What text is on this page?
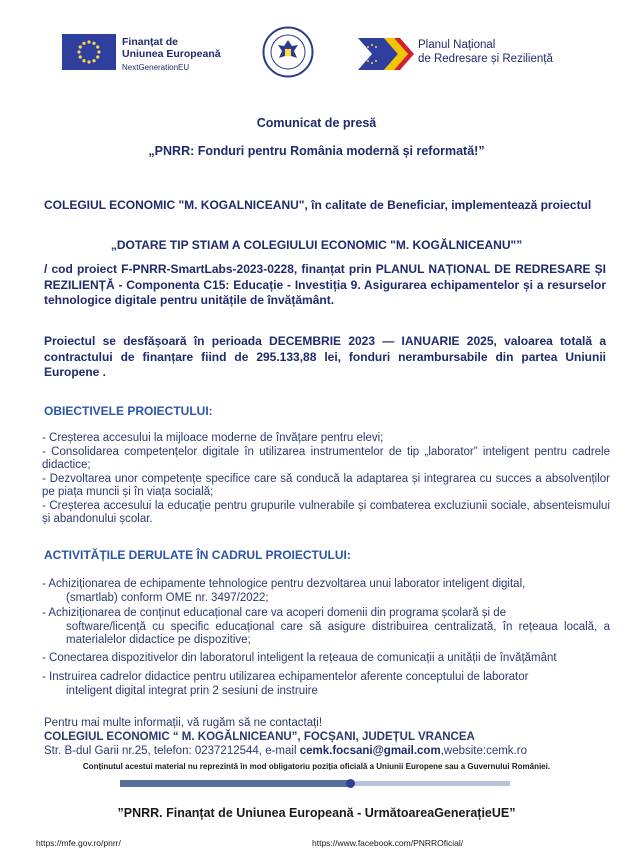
Finanțat de
Uniunea Europeană
NextGenerationEU
Planul Național
de Redresare și Reziliență
Comunicat de presă
„PNRR: Fonduri pentru România modernă și reformată!”
COLEGIUL ECONOMIC "M. KOGALNICEANU", în calitate de Beneficiar, implementează proiectul
„DOTARE TIP STIAM A COLEGIULUI ECONOMIC "M. KOGĂLNICEANU"”
/ cod proiect F-PNRR-SmartLabs-2023-0228, finanțat prin PLANUL NAȚIONAL DE REDRESARE ȘI REZILIENȚĂ - Componenta C15: Educație - Investiția 9. Asigurarea echipamentelor și a resurselor tehnologice digitale pentru unitățile de învățământ.
Proiectul se desfășoară în perioada DECEMBRIE 2023 — IANUARIE 2025, valoarea totală a contractului de finanțare fiind de 295.133,88 lei, fonduri nerambursabile din partea Uniunii Europene .
OBIECTIVELE PROIECTULUI:
- Creșterea accesului la mijloace moderne de învățare pentru elevi;
- Consolidarea competențelor digitale în utilizarea instrumentelor de tip „laborator” inteligent pentru cadrele didactice;
- Dezvoltarea unor competențe specifice care să conducă la adaptarea și integrarea cu succes a absolvenților pe piața muncii și în viața socială;
- Creșterea accesului la educație pentru grupurile vulnerabile și combaterea excluziunii sociale, absenteismului și abandonului școlar.
ACTIVITĂȚILE DERULATE ÎN CADRUL PROIECTULUI:
- Achiziționarea de echipamente tehnologice pentru dezvoltarea unui laborator inteligent digital,
(smartlab) conform OME nr. 3497/2022;
- Achiziționarea de conținut educațional care va acoperi domenii din programa școlară și de
software/licență cu specific educațional care să asigure distribuirea centralizată, în rețeaua locală, a materialelor didactice pe dispozitive;
- Conectarea dispozitivelor din laboratorul inteligent la rețeaua de comunicații a unității de învățământ
- Instruirea cadrelor didactice pentru utilizarea echipamentelor aferente conceptului de laborator
inteligent digital integrat prin 2 sesiuni de instruire
Pentru mai multe informații, vă rugăm să ne contactați!
COLEGIUL ECONOMIC “ M. KOGĂLNICEANU”, FOCȘANI, JUDEȚUL VRANCEA
Str. B-dul Garii nr.25, telefon: 0237212544, e-mail cemk.focsani@gmail.com,website:cemk.ro
Conținutul acestui material nu reprezintă în mod obligatoriu poziția oficială a Uniunii Europene sau a Guvernului României.
”PNRR. Finanțat de Uniunea Europeană - UrmătoareaGenerațieUE”
https://mfe.gov.ro/pnrr/	https://www.facebook.com/PNRROficial/
